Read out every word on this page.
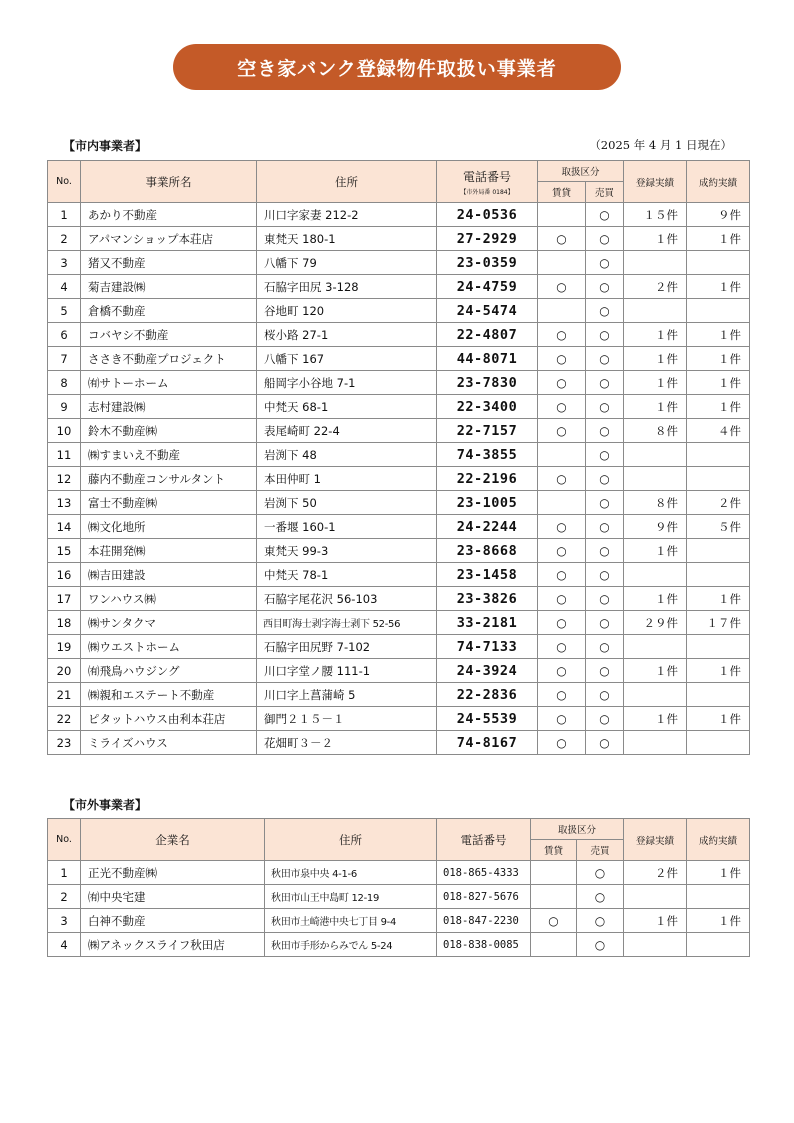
空き家バンク登録物件取扱い事業者
【市内事業者】	（2025 年 4 月 1 日現在）
No.	事業所名	住所	電話番号
【市外局番 0184】	取扱区分		登録実績	成約実績
				賃貸	売買		
1	あかり不動産	川口字家妻 212-2	24-0536		○	１５件	９件
2	アパマンショップ本荘店	東梵天 180-1	27-2929	○	○	１件	１件
3	猪又不動産	八幡下 79	23-0359		○		
4	菊吉建設㈱	石脇字田尻 3-128	24-4759	○	○	２件	１件
5	倉橋不動産	谷地町 120	24-5474		○		
6	コバヤシ不動産	桜小路 27-1	22-4807	○	○	１件	１件
7	ささき不動産プロジェクト	八幡下 167	44-8071	○	○	１件	１件
8	㈲サトーホーム	船岡字小谷地 7-1	23-7830	○	○	１件	１件
9	志村建設㈱	中梵天 68-1	22-3400	○	○	１件	１件
10	鈴木不動産㈱	表尾崎町 22-4	22-7157	○	○	８件	４件
11	㈱すまいえ不動産	岩渕下 48	74-3855		○		
12	藤内不動産コンサルタント	本田仲町 1	22-2196	○	○		
13	富士不動産㈱	岩渕下 50	23-1005		○	８件	２件
14	㈱文化地所	一番堰 160-1	24-2244	○	○	９件	５件
15	本荘開発㈱	東梵天 99-3	23-8668	○	○	１件	
16	㈱吉田建設	中梵天 78-1	23-1458	○	○		
17	ワンハウス㈱	石脇字尾花沢 56-103	23-3826	○	○	１件	１件
18	㈱サンタクマ	西目町海士剥字海士剥下 52-56	33-2181	○	○	２９件	１７件
19	㈱ウエストホーム	石脇字田尻野 7-102	74-7133	○	○		
20	㈲飛鳥ハウジング	川口字堂ノ腰 111-1	24-3924	○	○	１件	１件
21	㈱親和エステート不動産	川口字上菖蒲崎 5	22-2836	○	○		
22	ピタットハウス由利本荘店	御門２１５－１	24-5539	○	○	１件	１件
23	ミライズハウス	花畑町３－２	74-8167	○	○		
【市外事業者】
No.	企業名	住所	電話番号	取扱区分		登録実績	成約実績
				賃貸	売買		
1	正光不動産㈱	秋田市泉中央 4-1-6	018-865-4333		○	２件	１件
2	㈲中央宅建	秋田市山王中島町 12-19	018-827-5676		○		
3	白神不動産	秋田市土崎港中央七丁目 9-4	018-847-2230	○	○	１件	１件
4	㈱アネックスライフ秋田店	秋田市手形からみでん 5-24	018-838-0085		○		
